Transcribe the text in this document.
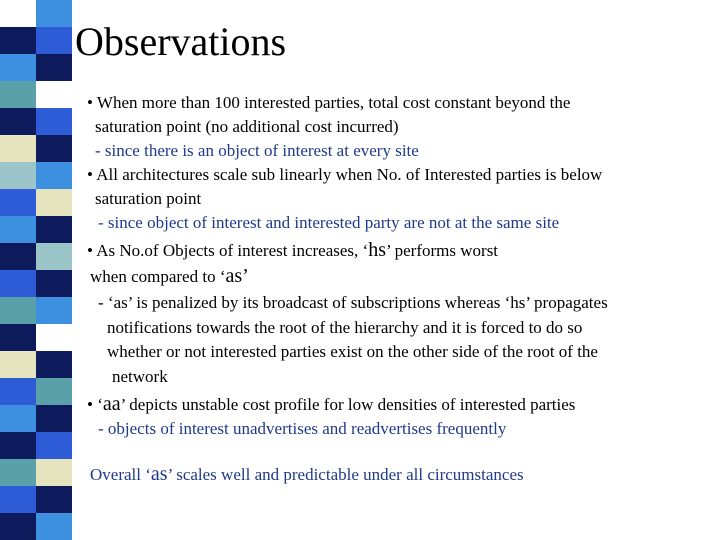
Observations
• When more than 100 interested parties, total cost constant beyond the
saturation point (no additional cost incurred)
- since there is an object of interest at every site
• All architectures scale sub linearly when No. of Interested parties is below
saturation point
- since object of interest and interested party are not at the same site
• As No.of Objects of interest increases, ‘hs’ performs worst
when compared to ‘as’
- ‘as’ is penalized by its broadcast of subscriptions whereas ‘hs’ propagates
notifications towards the root of the hierarchy and it is forced to do so
whether or not interested parties exist on the other side of the root of the
network
• ‘aa’ depicts unstable cost profile for low densities of interested parties
- objects of interest unadvertises and readvertises frequently
Overall ‘as’ scales well and predictable under all circumstances
